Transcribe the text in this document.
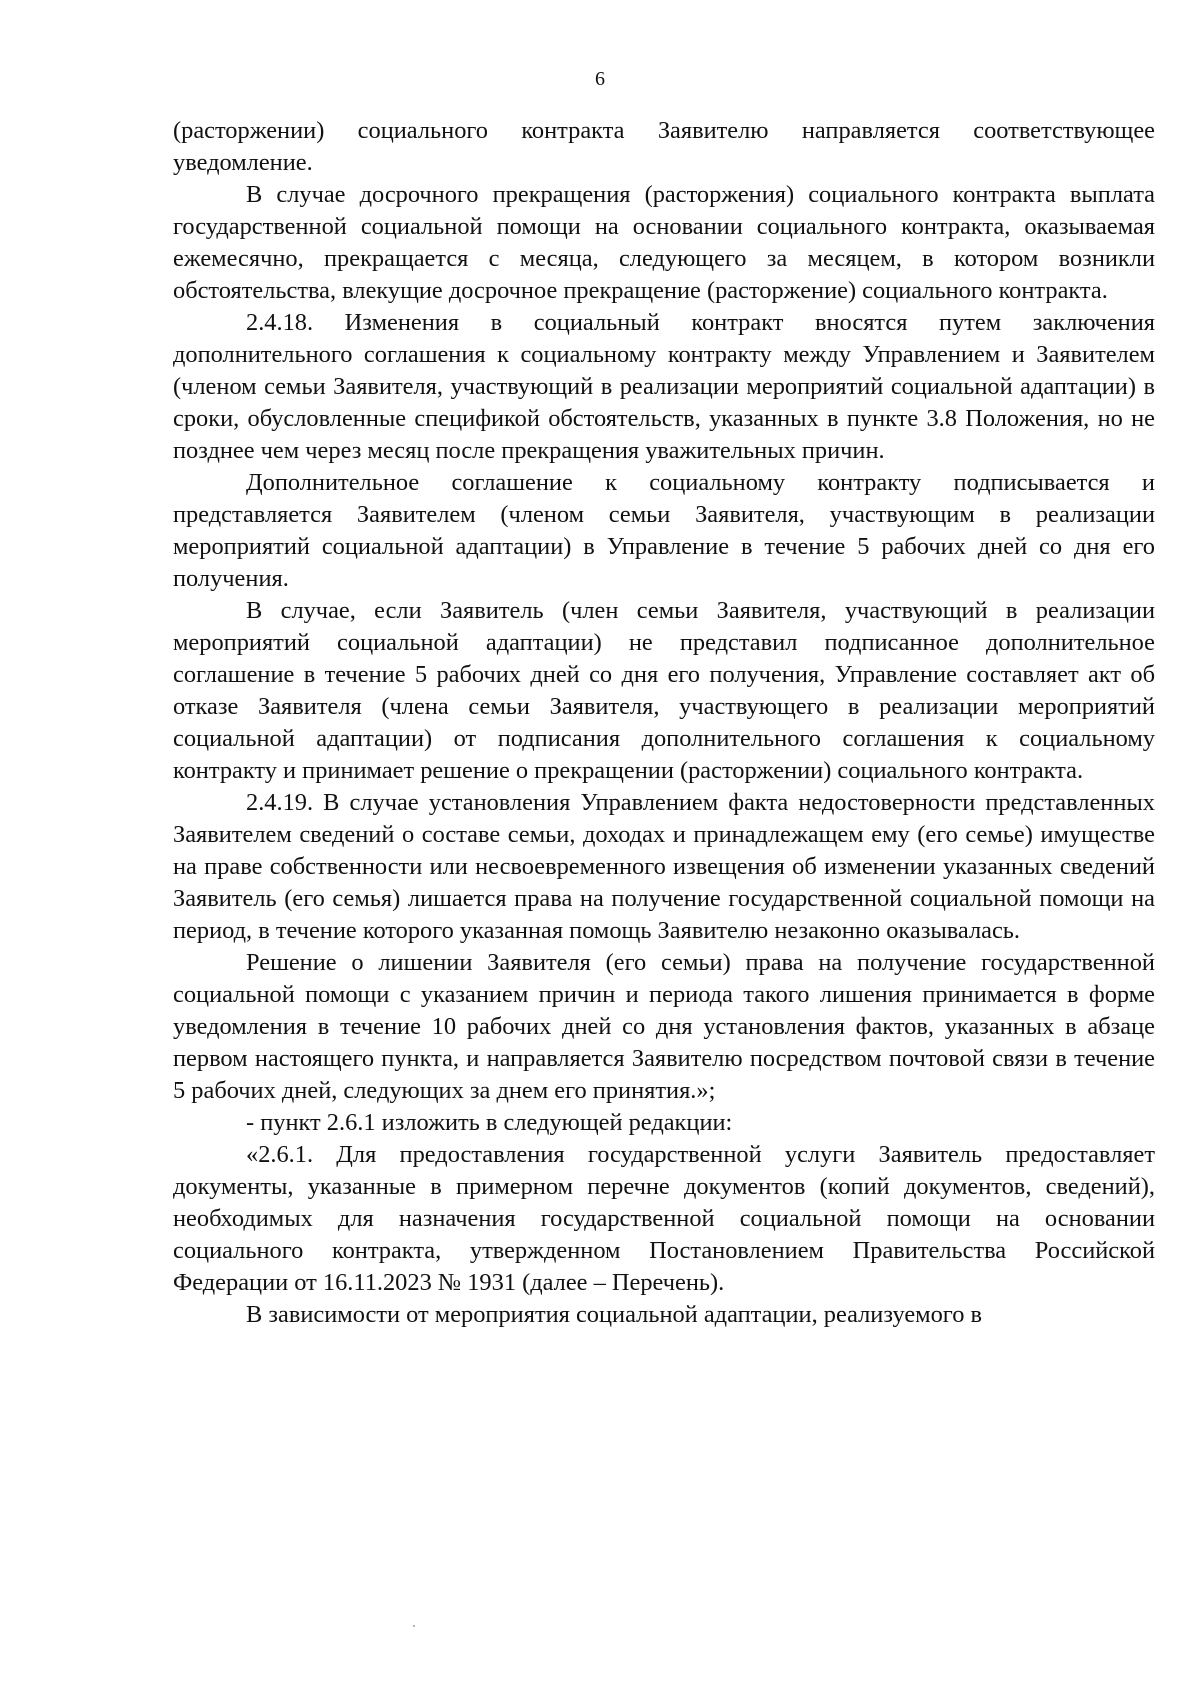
6

(расторжении) социального контракта Заявителю направляется соответствующее уведомление.

В случае досрочного прекращения (расторжения) социального контракта выплата государственной социальной помощи на основании социального контракта, оказываемая ежемесячно, прекращается с месяца, следующего за месяцем, в котором возникли обстоятельства, влекущие досрочное прекращение (расторжение) социального контракта.

2.4.18. Изменения в социальный контракт вносятся путем заключения дополнительного соглашения к социальному контракту между Управлением и Заявителем (членом семьи Заявителя, участвующий в реализации мероприятий социальной адаптации) в сроки, обусловленные спецификой обстоятельств, указанных в пункте 3.8 Положения, но не позднее чем через месяц после прекращения уважительных причин.

Дополнительное соглашение к социальному контракту подписывается и представляется Заявителем (членом семьи Заявителя, участвующим в реализации мероприятий социальной адаптации) в Управление в течение 5 рабочих дней со дня его получения.

В случае, если Заявитель (член семьи Заявителя, участвующий в реализации мероприятий социальной адаптации) не представил подписанное дополнительное соглашение в течение 5 рабочих дней со дня его получения, Управление составляет акт об отказе Заявителя (члена семьи Заявителя, участвующего в реализации мероприятий социальной адаптации) от подписания дополнительного соглашения к социальному контракту и принимает решение о прекращении (расторжении) социального контракта.

2.4.19. В случае установления Управлением факта недостоверности представленных Заявителем сведений о составе семьи, доходах и принадлежащем ему (его семье) имуществе на праве собственности или несвоевременного извещения об изменении указанных сведений Заявитель (его семья) лишается права на получение государственной социальной помощи на период, в течение которого указанная помощь Заявителю незаконно оказывалась.

Решение о лишении Заявителя (его семьи) права на получение государственной социальной помощи с указанием причин и периода такого лишения принимается в форме уведомления в течение 10 рабочих дней со дня установления фактов, указанных в абзаце первом настоящего пункта, и направляется Заявителю посредством почтовой связи в течение 5 рабочих дней, следующих за днем его принятия.»;

- пункт 2.6.1 изложить в следующей редакции:

«2.6.1. Для предоставления государственной услуги Заявитель предоставляет документы, указанные в примерном перечне документов (копий документов, сведений), необходимых для назначения государственной социальной помощи на основании социального контракта, утвержденном Постановлением Правительства Российской Федерации от 16.11.2023 № 1931 (далее – Перечень).

В зависимости от мероприятия социальной адаптации, реализуемого в
